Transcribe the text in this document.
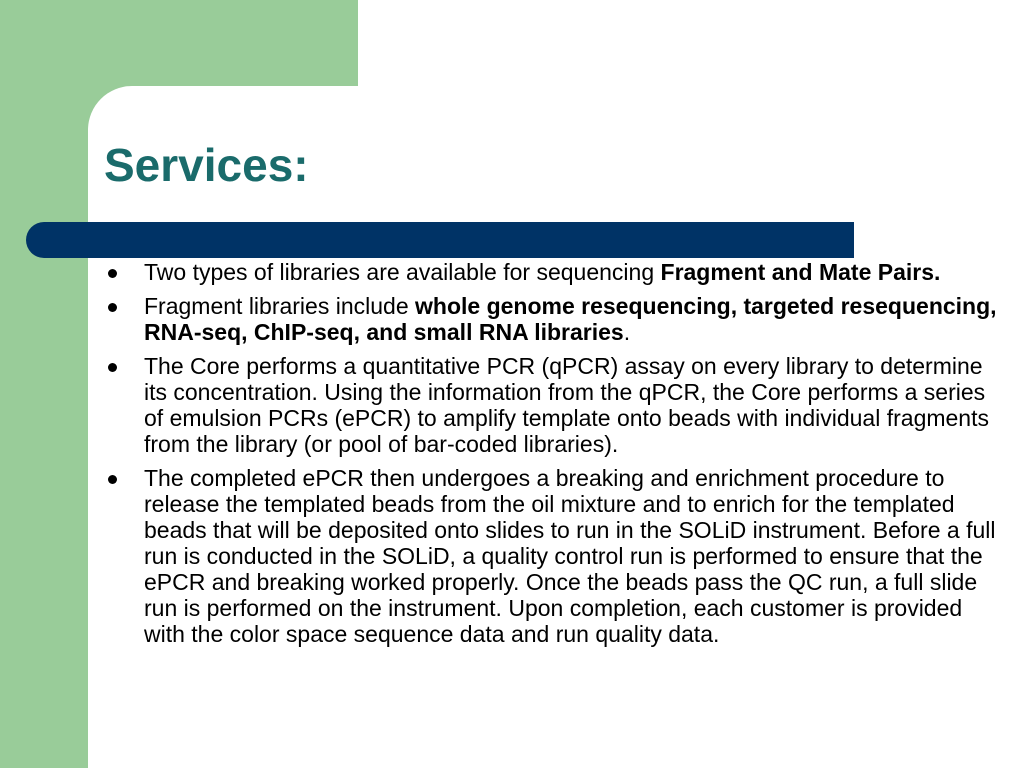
Services:
Two types of libraries are available for sequencing Fragment and Mate Pairs.
Fragment libraries include whole genome resequencing, targeted resequencing, RNA-seq, ChIP-seq, and small RNA libraries.
The Core performs a quantitative PCR (qPCR) assay on every library to determine its concentration. Using the information from the qPCR, the Core performs a series of emulsion PCRs (ePCR) to amplify template onto beads with individual fragments from the library (or pool of bar-coded libraries).
The completed ePCR then undergoes a breaking and enrichment procedure to release the templated beads from the oil mixture and to enrich for the templated beads that will be deposited onto slides to run in the SOLiD instrument. Before a full run is conducted in the SOLiD, a quality control run is performed to ensure that the ePCR and breaking worked properly. Once the beads pass the QC run, a full slide run is performed on the instrument. Upon completion, each customer is provided with the color space sequence data and run quality data.
